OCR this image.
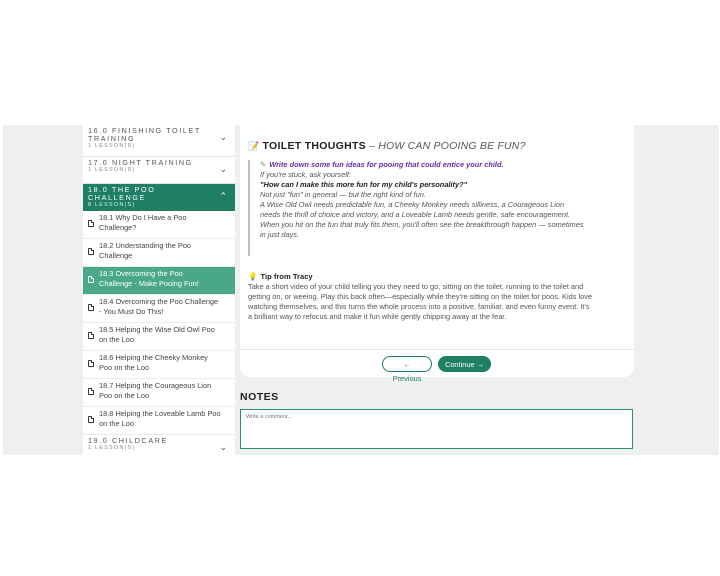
16.0 FINISHING TOILET TRAINING
1 LESSON(S)
⌄
17.0 NIGHT TRAINING
1 LESSON(S)	⌄
18.0 THE POO CHALLENGE
8 LESSON(S)
⌃
18.1 Why Do I Have a Poo
Challenge?
18.2 Understanding the Poo
Challenge
18.3 Overcoming the Poo
Challenge - Make Pooing Fun!
18.4 Overcoming the Poo Challenge
- You Must Do This!
18.5 Helping the Wise Old Owl Poo
on the Loo
18.6 Helping the Cheeky Monkey
Poo on the Loo
18.7 Helping the Courageous Lion
Poo on the Loo
18.8 Helping the Loveable Lamb Poo
on the Loo
19.0 CHILDCARE
1 LESSON(S)	⌄
📝 TOILET THOUGHTS – HOW CAN POOING BE FUN?
✎ Write down some fun ideas for pooing that could entice your child.
If you're stuck, ask yourself:
"How can I make this more fun for my child's personality?"
Not just "fun" in general — but the right kind of fun.
A Wise Old Owl needs predictable fun, a Cheeky Monkey needs silliness, a Courageous Lion
needs the thrill of choice and victory, and a Loveable Lamb needs gentle, safe encouragement.
When you hit on the fun that truly fits them, you'll often see the breakthrough happen — sometimes
in just days.
💡 Tip from Tracy
Take a short video of your child telling you they need to go, sitting on the toilet, running to the toilet and
getting on, or weeing. Play this back often—especially while they're sitting on the toilet for poos. Kids love
watching themselves, and this turns the whole process into a positive, familiar, and even funny event. It's
a brilliant way to refocus and make it fun while gently chipping away at the fear.
← Previous
Continue →
NOTES
Write a comment...
